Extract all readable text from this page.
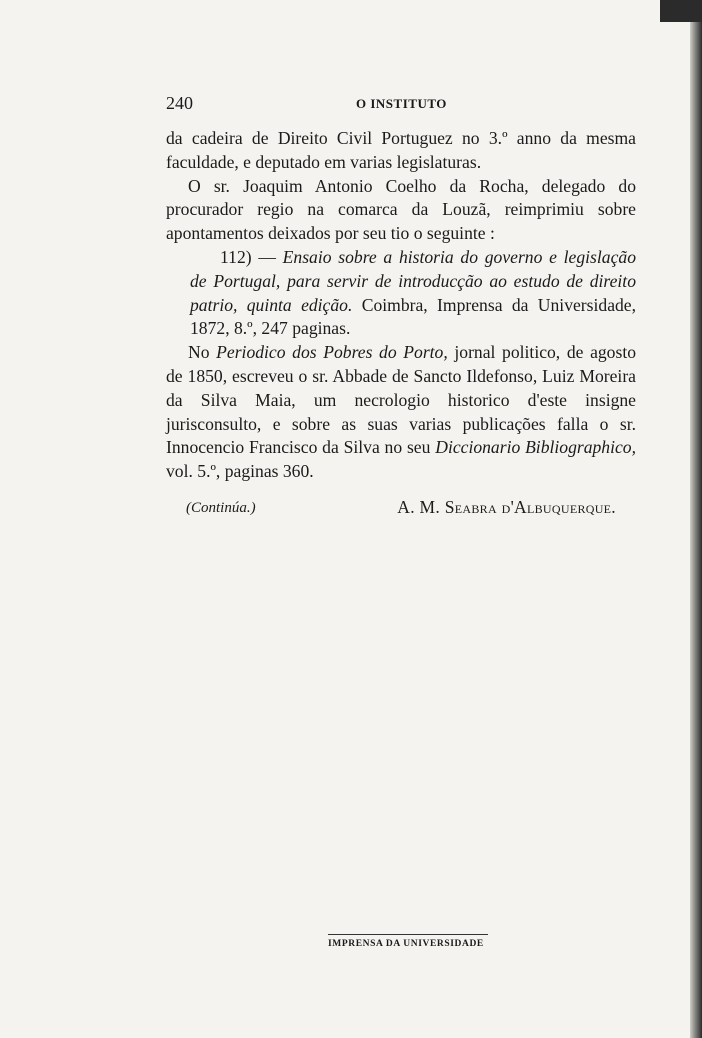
240	O INSTITUTO

da cadeira de Direito Civil Portuguez no 3.º anno da mesma faculdade, e deputado em varias legislaturas.

O sr. Joaquim Antonio Coelho da Rocha, delegado do procurador regio na comarca da Louzã, reimprimiu sobre apontamentos deixados por seu tio o seguinte :

112) — Ensaio sobre a historia do governo e legislação de Portugal, para servir de introducção ao estudo de direito patrio, quinta edição. Coimbra, Imprensa da Universidade, 1872, 8.º, 247 paginas.

No Periodico dos Pobres do Porto, jornal politico, de agosto de 1850, escreveu o sr. Abbade de Sancto Ildefonso, Luiz Moreira da Silva Maia, um necrologio historico d'este insigne jurisconsulto, e sobre as suas varias publicações falla o sr. Innocencio Francisco da Silva no seu Diccionario Bibliographico, vol. 5.º, paginas 360.

(Continúa.)	A. M. Seabra d'Albuquerque.
IMPRENSA DA UNIVERSIDADE
